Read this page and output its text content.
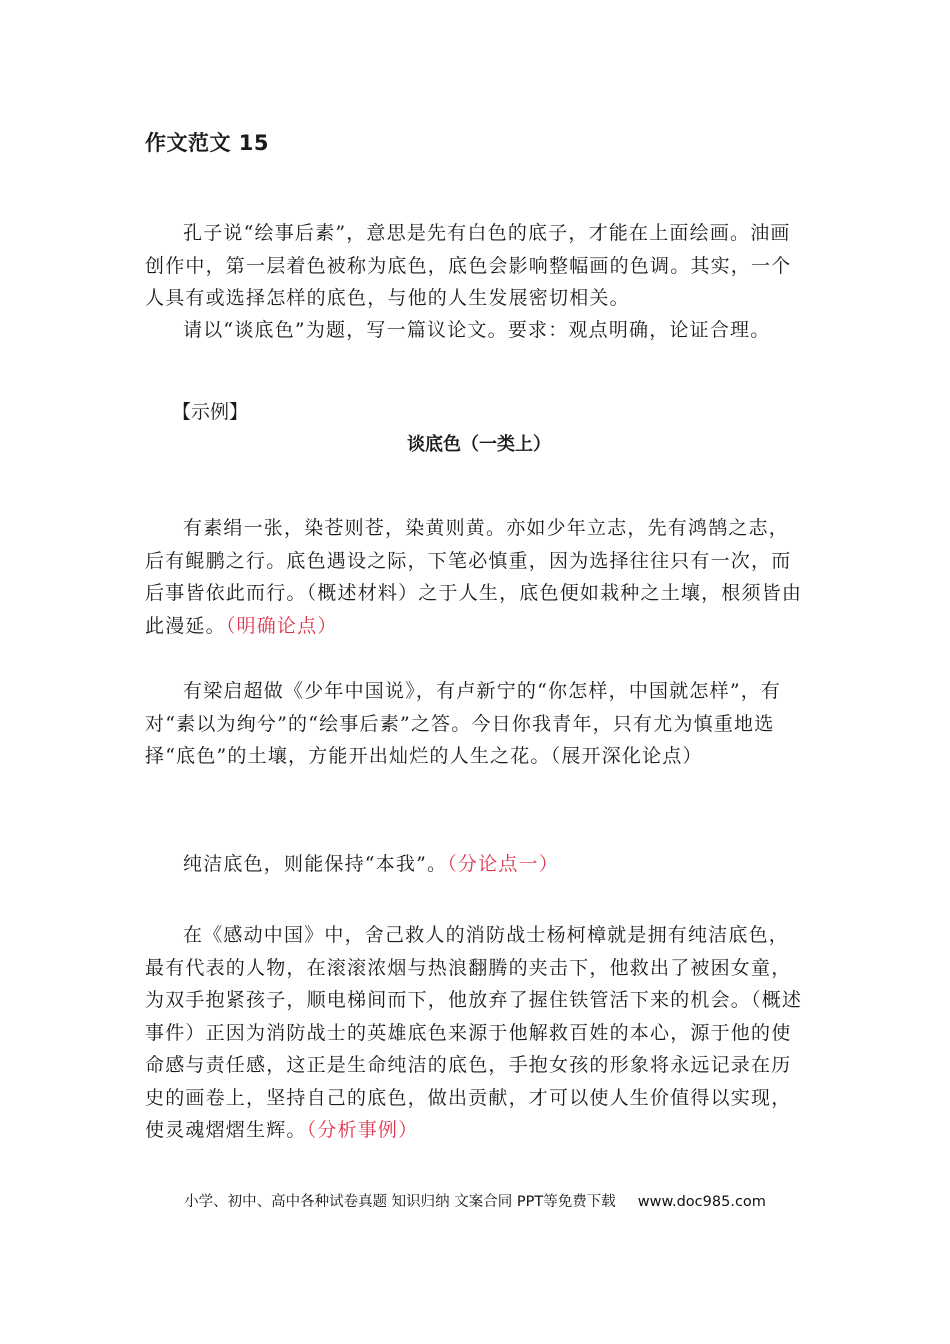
作文范文 15

孔子说“绘事后素”，意思是先有白色的底子，才能在上面绘画。油画创作中，第一层着色被称为底色，底色会影响整幅画的色调。其实，一个人具有或选择怎样的底色，与他的人生发展密切相关。

请以“谈底色”为题，写一篇议论文。要求：观点明确，论证合理。

【示例】

谈底色（一类上）

有素绢一张，染苍则苍，染黄则黄。亦如少年立志，先有鸿鹄之志，后有鲲鹏之行。底色遇设之际，下笔必慎重，因为选择往往只有一次，而后事皆依此而行。（概述材料）之于人生，底色便如栽种之土壤，根须皆由此漫延。（明确论点）

有梁启超做《少年中国说》，有卢新宁的“你怎样，中国就怎样”，有对“素以为绚兮”的“绘事后素”之答。今日你我青年，只有尤为慎重地选择“底色”的土壤，方能开出灿烂的人生之花。（展开深化论点）

纯洁底色，则能保持“本我”。（分论点一）

在《感动中国》中，舍己救人的消防战士杨柯樟就是拥有纯洁底色，最有代表的人物，在滚滚浓烟与热浪翻腾的夹击下，他救出了被困女童，为双手抱紧孩子，顺电梯间而下，他放弃了握住铁管活下来的机会。（概述事件）正因为消防战士的英雄底色来源于他解救百姓的本心，源于他的使命感与责任感，这正是生命纯洁的底色，手抱女孩的形象将永远记录在历史的画卷上，坚持自己的底色，做出贡献，才可以使人生价值得以实现，使灵魂熠熠生辉。（分析事例）

小学、初中、高中各种试卷真题 知识归纳 文案合同 PPT等免费下载 www.doc985.com
